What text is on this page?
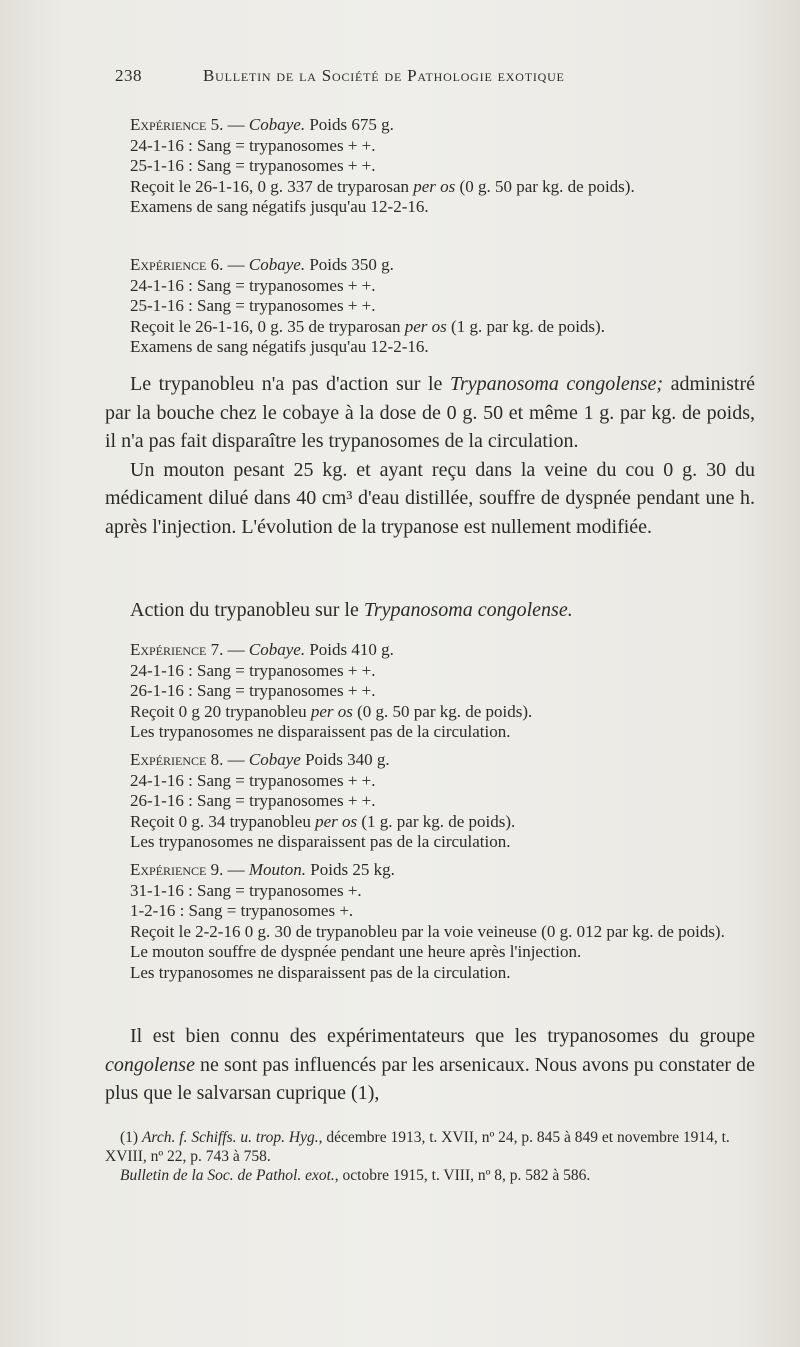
238	Bulletin de la Société de Pathologie exotique

Expérience 5. — Cobaye. Poids 675 g.

24-1-16 : Sang = trypanosomes + +.

25-1-16 : Sang = trypanosomes + +.

Reçoit le 26-1-16, 0 g. 337 de tryparosan per os (0 g. 50 par kg. de poids).

Examens de sang négatifs jusqu'au 12-2-16.

Expérience 6. — Cobaye. Poids 350 g.

24-1-16 : Sang = trypanosomes + +.

25-1-16 : Sang = trypanosomes + +.

Reçoit le 26-1-16, 0 g. 35 de tryparosan per os (1 g. par kg. de poids).

Examens de sang négatifs jusqu'au 12-2-16.

Le trypanobleu n'a pas d'action sur le Trypanosoma congolense; administré par la bouche chez le cobaye à la dose de 0 g. 50 et même 1 g. par kg. de poids, il n'a pas fait disparaître les trypanosomes de la circulation.

Un mouton pesant 25 kg. et ayant reçu dans la veine du cou 0 g. 30 du médicament dilué dans 40 cm³ d'eau distillée, souffre de dyspnée pendant une h. après l'injection. L'évolution de la trypanose est nullement modifiée.

Action du trypanobleu sur le Trypanosoma congolense.

Expérience 7. — Cobaye. Poids 410 g.

24-1-16 : Sang = trypanosomes + +.

26-1-16 : Sang = trypanosomes + +.

Reçoit 0 g 20 trypanobleu per os (0 g. 50 par kg. de poids).

Les trypanosomes ne disparaissent pas de la circulation.

Expérience 8. — Cobaye Poids 340 g.

24-1-16 : Sang = trypanosomes + +.

26-1-16 : Sang = trypanosomes + +.

Reçoit 0 g. 34 trypanobleu per os (1 g. par kg. de poids).

Les trypanosomes ne disparaissent pas de la circulation.

Expérience 9. — Mouton. Poids 25 kg.

31-1-16 : Sang = trypanosomes +.

1-2-16 : Sang = trypanosomes +.

Reçoit le 2-2-16 0 g. 30 de trypanobleu par la voie veineuse (0 g. 012 par kg. de poids).

Le mouton souffre de dyspnée pendant une heure après l'injection.

Les trypanosomes ne disparaissent pas de la circulation.

Il est bien connu des expérimentateurs que les trypanosomes du groupe congolense ne sont pas influencés par les arsenicaux. Nous avons pu constater de plus que le salvarsan cuprique (1),

(1) Arch. f. Schiffs. u. trop. Hyg., décembre 1913, t. XVII, nº 24, p. 845 à 849 et novembre 1914, t. XVIII, nº 22, p. 743 à 758.

Bulletin de la Soc. de Pathol. exot., octobre 1915, t. VIII, nº 8, p. 582 à 586.
